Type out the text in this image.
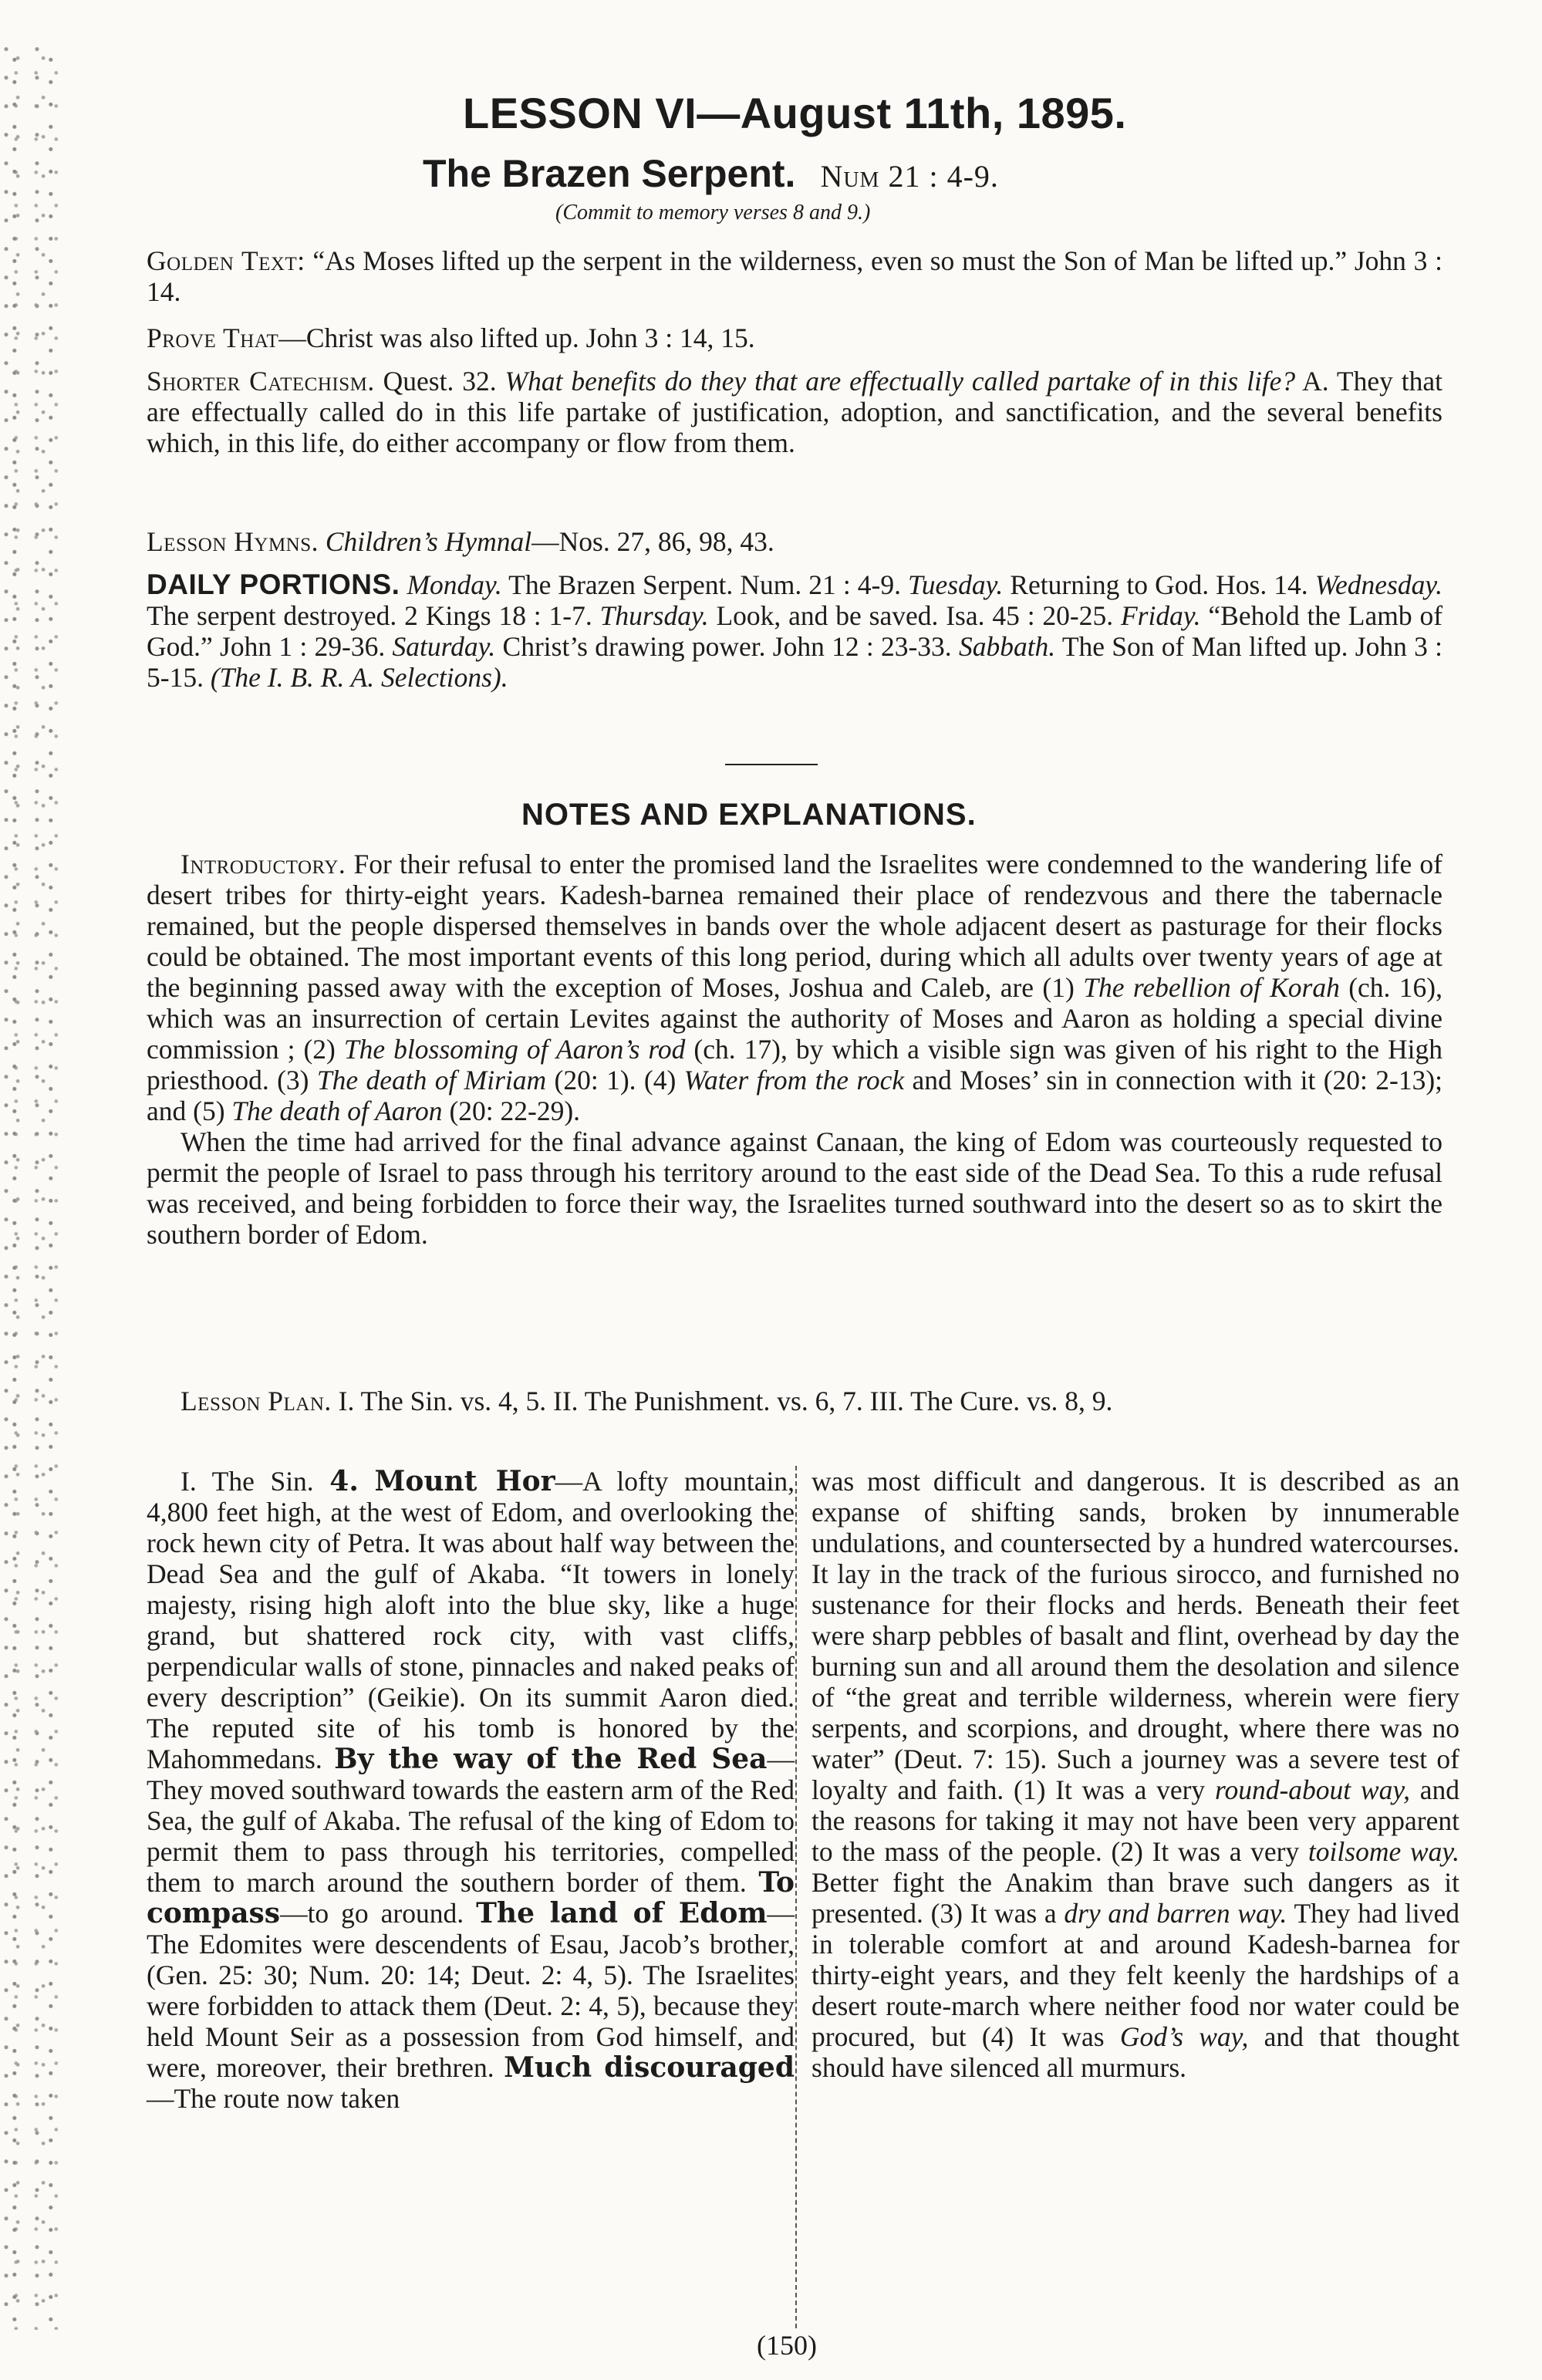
LESSON VI—August 11th, 1895.
The Brazen Serpent. Num 21 : 4-9.
(Commit to memory verses 8 and 9.)
Golden Text: “As Moses lifted up the serpent in the wilderness, even so must the Son of Man be lifted up.” John 3 : 14.
Prove That—Christ was also lifted up. John 3 : 14, 15.
Shorter Catechism. Quest. 32. What benefits do they that are effectually called partake of in this life? A. They that are effectually called do in this life partake of justification, adoption, and sanctification, and the several benefits which, in this life, do either accompany or flow from them.
Lesson Hymns. Children’s Hymnal—Nos. 27, 86, 98, 43.
DAILY PORTIONS. Monday. The Brazen Serpent. Num. 21 : 4-9. Tuesday. Returning to God. Hos. 14. Wednesday. The serpent destroyed. 2 Kings 18 : 1-7. Thursday. Look, and be saved. Isa. 45 : 20-25. Friday. “Behold the Lamb of God.” John 1 : 29-36. Saturday. Christ’s drawing power. John 12 : 23-33. Sabbath. The Son of Man lifted up. John 3 : 5-15. (The I. B. R. A. Selections).
NOTES AND EXPLANATIONS.

Introductory. For their refusal to enter the promised land the Israelites were condemned to the wandering life of desert tribes for thirty-eight years. Kadesh-barnea remained their place of rendezvous and there the tabernacle remained, but the people dispersed themselves in bands over the whole adjacent desert as pasturage for their flocks could be obtained. The most important events of this long period, during which all adults over twenty years of age at the beginning passed away with the exception of Moses, Joshua and Caleb, are (1) The rebellion of Korah (ch. 16), which was an insurrection of certain Levites against the authority of Moses and Aaron as holding a special divine commission ; (2) The blossoming of Aaron’s rod (ch. 17), by which a visible sign was given of his right to the High priesthood. (3) The death of Miriam (20: 1). (4) Water from the rock and Moses’ sin in connection with it (20: 2-13); and (5) The death of Aaron (20: 22-29).

When the time had arrived for the final advance against Canaan, the king of Edom was courteously requested to permit the people of Israel to pass through his territory around to the east side of the Dead Sea. To this a rude refusal was received, and being forbidden to force their way, the Israelites turned southward into the desert so as to skirt the southern border of Edom.

Lesson Plan. I. The Sin. vs. 4, 5. II. The Punishment. vs. 6, 7. III. The Cure. vs. 8, 9.

I. The Sin. 4. Mount Hor—A lofty mountain, 4,800 feet high, at the west of Edom, and overlooking the rock hewn city of Petra. It was about half way between the Dead Sea and the gulf of Akaba. “It towers in lonely majesty, rising high aloft into the blue sky, like a huge grand, but shattered rock city, with vast cliffs, perpendicular walls of stone, pinnacles and naked peaks of every description” (Geikie). On its summit Aaron died. The reputed site of his tomb is honored by the Mahommedans. By the way of the Red Sea—They moved southward towards the eastern arm of the Red Sea, the gulf of Akaba. The refusal of the king of Edom to permit them to pass through his territories, compelled them to march around the southern border of them. To compass—to go around. The land of Edom—The Edomites were descendents of Esau, Jacob’s brother, (Gen. 25: 30; Num. 20: 14; Deut. 2: 4, 5). The Israelites were forbidden to attack them (Deut. 2: 4, 5), because they held Mount Seir as a possession from God himself, and were, moreover, their brethren. Much discouraged—The route now taken

was most difficult and dangerous. It is described as an expanse of shifting sands, broken by innumerable undulations, and countersected by a hundred watercourses. It lay in the track of the furious sirocco, and furnished no sustenance for their flocks and herds. Beneath their feet were sharp pebbles of basalt and flint, overhead by day the burning sun and all around them the desolation and silence of “the great and terrible wilderness, wherein were fiery serpents, and scorpions, and drought, where there was no water” (Deut. 7: 15). Such a journey was a severe test of loyalty and faith. (1) It was a very round-about way, and the reasons for taking it may not have been very apparent to the mass of the people. (2) It was a very toilsome way. Better fight the Anakim than brave such dangers as it presented. (3) It was a dry and barren way. They had lived in tolerable comfort at and around Kadesh-barnea for thirty-eight years, and they felt keenly the hardships of a desert route-march where neither food nor water could be procured, but (4) It was God’s way, and that thought should have silenced all murmurs.

(150)
